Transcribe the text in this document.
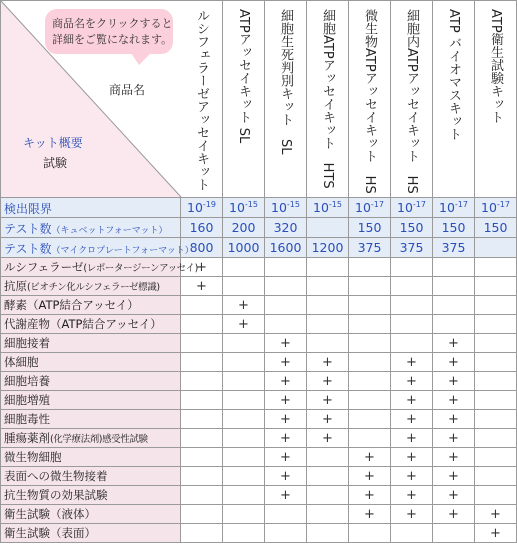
商品名をクリックすると
詳細をご覧になれます。
商品名
キット概要
試験	ルシフェラーゼアッセイキット	ATPアッセイキット SL	細胞生死判別キット　SL	細胞ATPアッセイキット　HTS	微生物ATPアッセイキット　HS	細胞内ATPアッセイキット　HS	ATP バイオマスキット	ATP衛生試験キット

検出限界	$10^{-19}$	$10^{-15}$	$10^{-15}$	$10^{-15}$	$10^{-17}$	$10^{-17}$	$10^{-17}$	$10^{-17}$
テスト数（キュベットフォーマット）	160	200	320		150	150	150	150
テスト数（マイクロプレートフォーマット）	800	1000	1600	1200	375	375	375	
ルシフェラーゼ(レポータージーンアッセイ)	+							
抗原(ビオチン化ルシフェラーゼ標識)	+							
酵素（ATP結合アッセイ）		+						
代謝産物（ATP結合アッセイ）		+						
細胞接着			+				+	
体細胞			+	+		+	+	
細胞培養			+	+		+	+	
細胞増殖			+	+		+	+	
細胞毒性			+	+		+	+	
腫瘍薬剤(化学療法剤)感受性試験			+	+		+	+	
微生物細胞			+		+	+	+	
表面への微生物接着			+		+	+	+	
抗生物質の効果試験			+		+	+	+	
衛生試験（液体）					+	+	+	+
衛生試験（表面）								+
